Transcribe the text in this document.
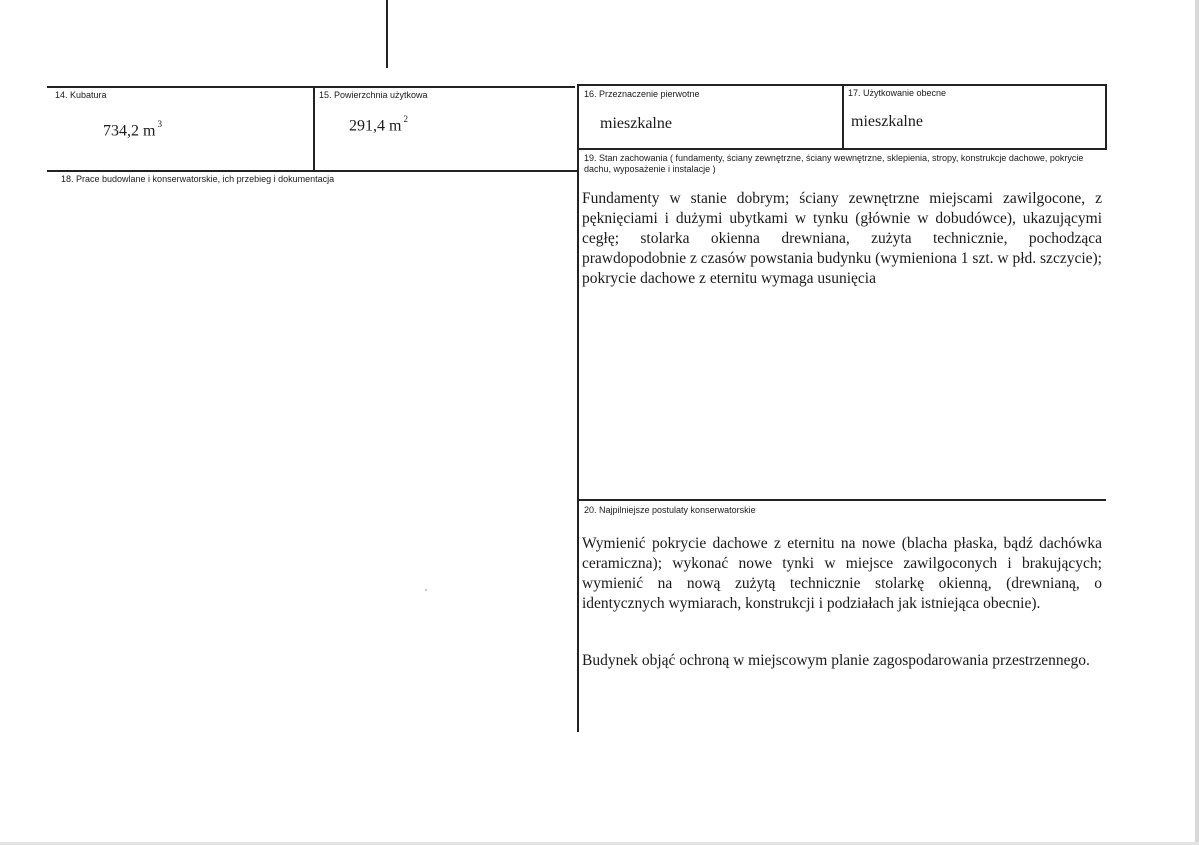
14. Kubatura
734,2 m $^3$
15. Powierzchnia użytkowa
291,4 m $^2$
16. Przeznaczenie pierwotne
mieszkalne
17. Użytkowanie obecne
mieszkalne
18. Prace budowlane i konserwatorskie, ich przebieg i dokumentacja
19. Stan zachowania ( fundamenty, ściany zewnętrzne, ściany wewnętrzne, sklepienia, stropy, konstrukcje dachowe, pokrycie dachu, wyposażenie i instalacje )
Fundamenty w stanie dobrym; ściany zewnętrzne miejscami zawilgocone, z pęknięciami i dużymi ubytkami w tynku (głównie w dobudówce), ukazującymi cegłę; stolarka okienna drewniana, zużyta technicznie, pochodząca prawdopodobnie z czasów powstania budynku (wymieniona 1 szt. w płd. szczycie); pokrycie dachowe z eternitu wymaga usunięcia
20. Najpilniejsze postulaty konserwatorskie
Wymienić pokrycie dachowe z eternitu na nowe (blacha płaska, bądź dachówka ceramiczna); wykonać nowe tynki w miejsce zawilgoconych i brakujących; wymienić na nową zużytą technicznie stolarkę okienną, (drewnianą, o identycznych wymiarach, konstrukcji i podziałach jak istniejąca obecnie).
Budynek objąć ochroną w miejscowym planie zagospodarowania przestrzennego.
